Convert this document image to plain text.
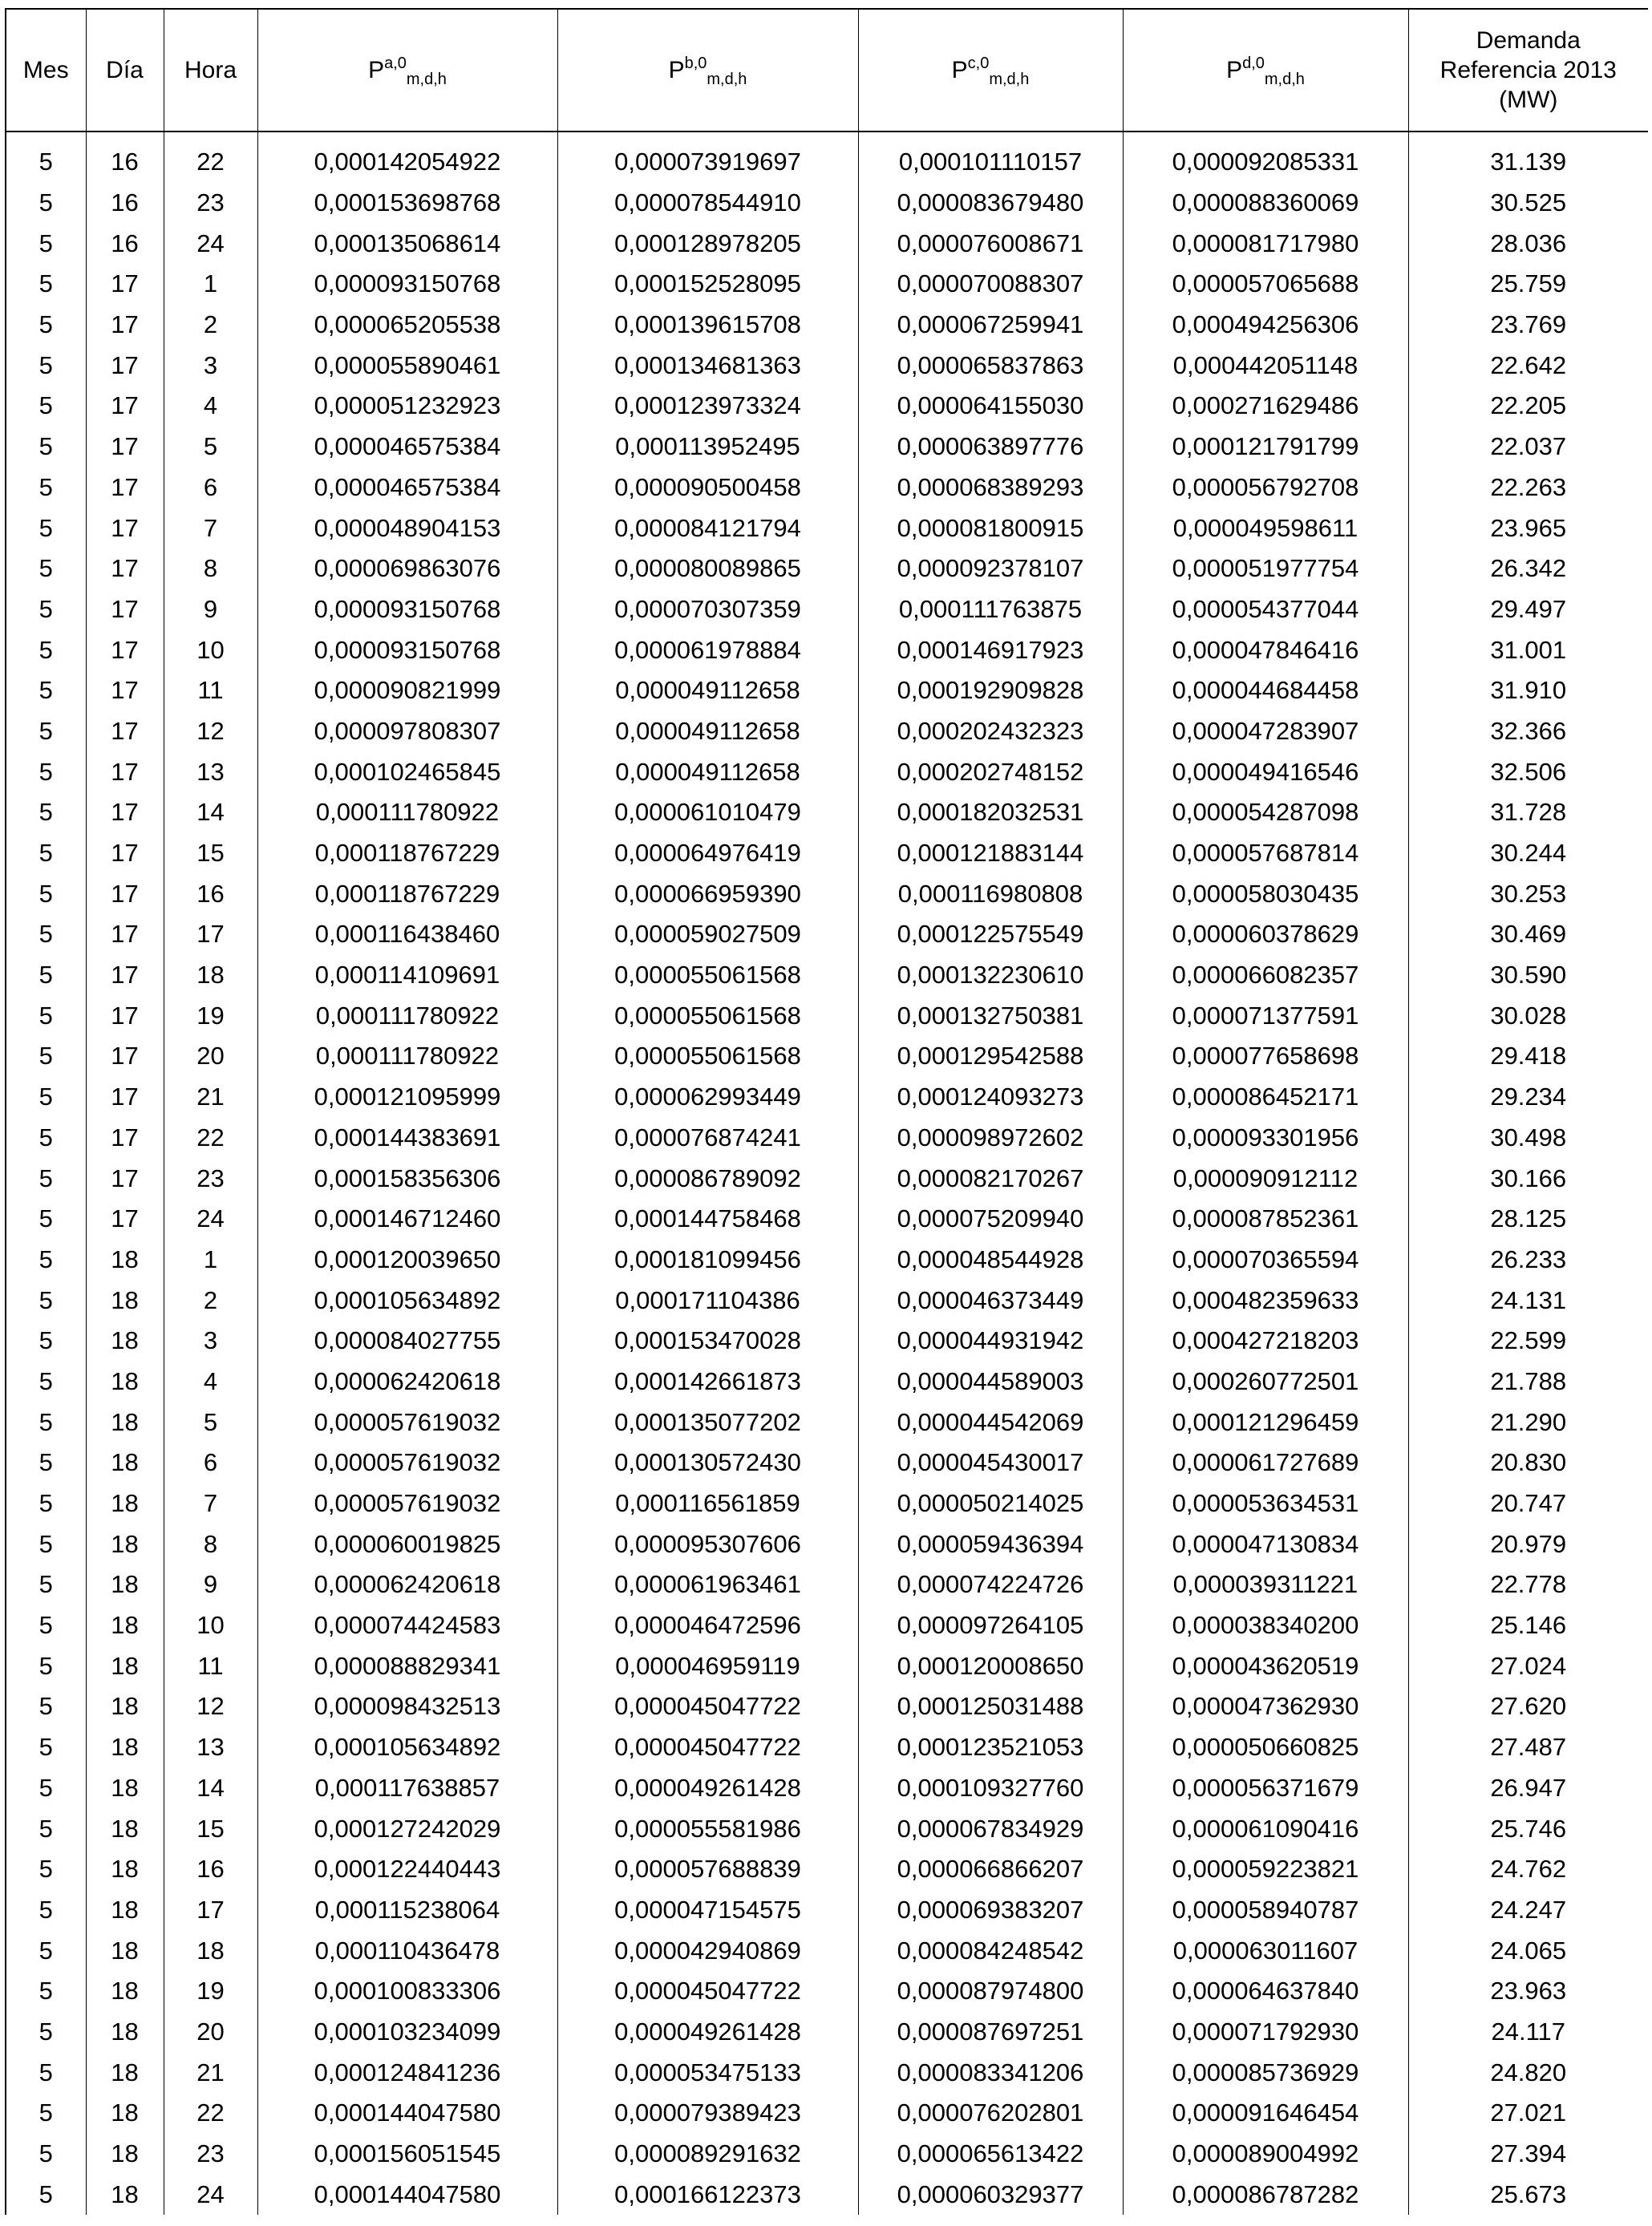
Mes	Día	Hora	P$^{a,0}_{m,d,h}$	P$^{b,0}_{m,d,h}$	P$^{c,0}_{m,d,h}$	P$^{d,0}_{m,d,h}$	Demanda
Referencia 2013
(MW)

5	16	22	0,000142054922	0,000073919697	0,000101110157	0,000092085331	31.139
5	16	23	0,000153698768	0,000078544910	0,000083679480	0,000088360069	30.525
5	16	24	0,000135068614	0,000128978205	0,000076008671	0,000081717980	28.036
5	17	1	0,000093150768	0,000152528095	0,000070088307	0,000057065688	25.759
5	17	2	0,000065205538	0,000139615708	0,000067259941	0,000494256306	23.769
5	17	3	0,000055890461	0,000134681363	0,000065837863	0,000442051148	22.642
5	17	4	0,000051232923	0,000123973324	0,000064155030	0,000271629486	22.205
5	17	5	0,000046575384	0,000113952495	0,000063897776	0,000121791799	22.037
5	17	6	0,000046575384	0,000090500458	0,000068389293	0,000056792708	22.263
5	17	7	0,000048904153	0,000084121794	0,000081800915	0,000049598611	23.965
5	17	8	0,000069863076	0,000080089865	0,000092378107	0,000051977754	26.342
5	17	9	0,000093150768	0,000070307359	0,000111763875	0,000054377044	29.497
5	17	10	0,000093150768	0,000061978884	0,000146917923	0,000047846416	31.001
5	17	11	0,000090821999	0,000049112658	0,000192909828	0,000044684458	31.910
5	17	12	0,000097808307	0,000049112658	0,000202432323	0,000047283907	32.366
5	17	13	0,000102465845	0,000049112658	0,000202748152	0,000049416546	32.506
5	17	14	0,000111780922	0,000061010479	0,000182032531	0,000054287098	31.728
5	17	15	0,000118767229	0,000064976419	0,000121883144	0,000057687814	30.244
5	17	16	0,000118767229	0,000066959390	0,000116980808	0,000058030435	30.253
5	17	17	0,000116438460	0,000059027509	0,000122575549	0,000060378629	30.469
5	17	18	0,000114109691	0,000055061568	0,000132230610	0,000066082357	30.590
5	17	19	0,000111780922	0,000055061568	0,000132750381	0,000071377591	30.028
5	17	20	0,000111780922	0,000055061568	0,000129542588	0,000077658698	29.418
5	17	21	0,000121095999	0,000062993449	0,000124093273	0,000086452171	29.234
5	17	22	0,000144383691	0,000076874241	0,000098972602	0,000093301956	30.498
5	17	23	0,000158356306	0,000086789092	0,000082170267	0,000090912112	30.166
5	17	24	0,000146712460	0,000144758468	0,000075209940	0,000087852361	28.125
5	18	1	0,000120039650	0,000181099456	0,000048544928	0,000070365594	26.233
5	18	2	0,000105634892	0,000171104386	0,000046373449	0,000482359633	24.131
5	18	3	0,000084027755	0,000153470028	0,000044931942	0,000427218203	22.599
5	18	4	0,000062420618	0,000142661873	0,000044589003	0,000260772501	21.788
5	18	5	0,000057619032	0,000135077202	0,000044542069	0,000121296459	21.290
5	18	6	0,000057619032	0,000130572430	0,000045430017	0,000061727689	20.830
5	18	7	0,000057619032	0,000116561859	0,000050214025	0,000053634531	20.747
5	18	8	0,000060019825	0,000095307606	0,000059436394	0,000047130834	20.979
5	18	9	0,000062420618	0,000061963461	0,000074224726	0,000039311221	22.778
5	18	10	0,000074424583	0,000046472596	0,000097264105	0,000038340200	25.146
5	18	11	0,000088829341	0,000046959119	0,000120008650	0,000043620519	27.024
5	18	12	0,000098432513	0,000045047722	0,000125031488	0,000047362930	27.620
5	18	13	0,000105634892	0,000045047722	0,000123521053	0,000050660825	27.487
5	18	14	0,000117638857	0,000049261428	0,000109327760	0,000056371679	26.947
5	18	15	0,000127242029	0,000055581986	0,000067834929	0,000061090416	25.746
5	18	16	0,000122440443	0,000057688839	0,000066866207	0,000059223821	24.762
5	18	17	0,000115238064	0,000047154575	0,000069383207	0,000058940787	24.247
5	18	18	0,000110436478	0,000042940869	0,000084248542	0,000063011607	24.065
5	18	19	0,000100833306	0,000045047722	0,000087974800	0,000064637840	23.963
5	18	20	0,000103234099	0,000049261428	0,000087697251	0,000071792930	24.117
5	18	21	0,000124841236	0,000053475133	0,000083341206	0,000085736929	24.820
5	18	22	0,000144047580	0,000079389423	0,000076202801	0,000091646454	27.021
5	18	23	0,000156051545	0,000089291632	0,000065613422	0,000089004992	27.394
5	18	24	0,000144047580	0,000166122373	0,000060329377	0,000086787282	25.673
